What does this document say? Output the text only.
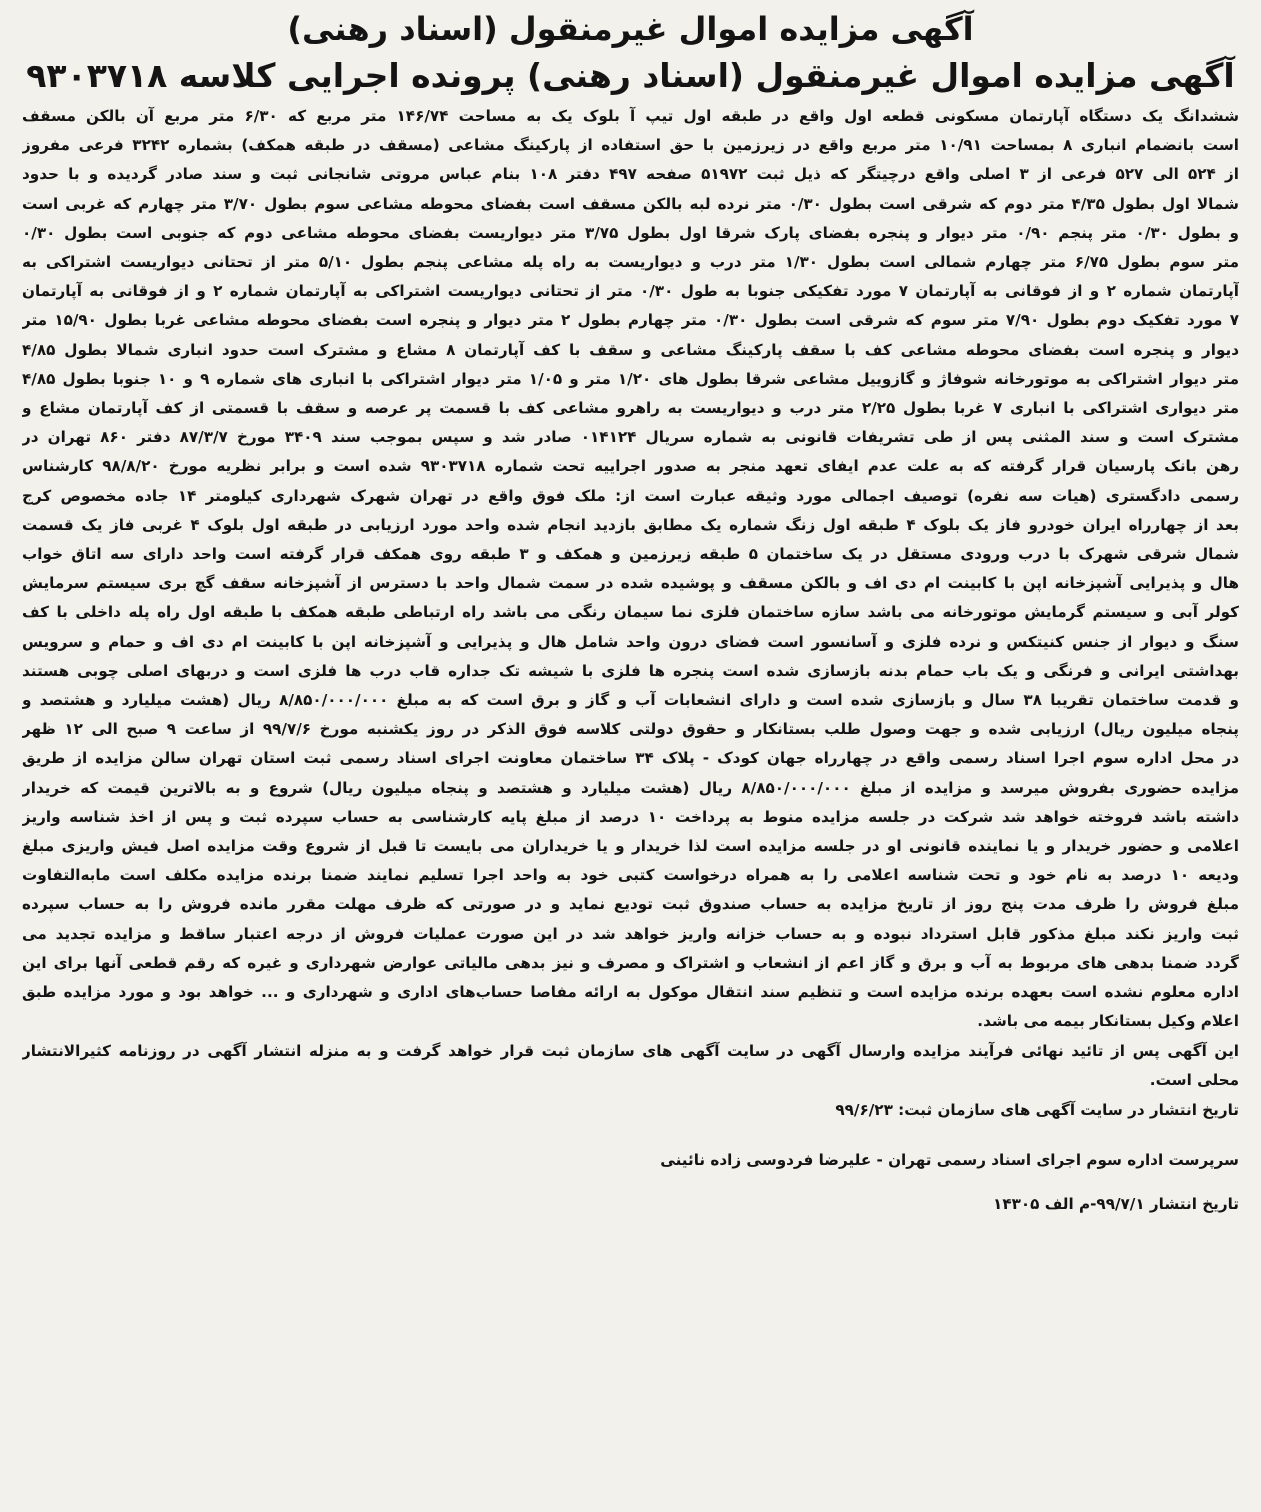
آگهی مزایده اموال غیرمنقول (اسناد رهنی)
آگهی مزایده اموال غیرمنقول (اسناد رهنی) پرونده اجرایی کلاسه ۹۳۰۳۷۱۸
ششدانگ یک دستگاه آپارتمان مسکونی قطعه اول واقع در طبقه اول تیپ آ بلوک یک به مساحت ۱۴۶/۷۴ متر مربع که ۶/۳۰ متر مربع آن بالکن مسقف
است بانضمام انباری ۸ بمساحت ۱۰/۹۱ متر مربع واقع در زیرزمین با حق استفاده از پارکینگ مشاعی (مسقف در طبقه همکف) بشماره ۳۲۴۲ فرعی مفروز
از ۵۲۴ الی ۵۲۷ فرعی از ۳ اصلی واقع درچیتگر که ذیل ثبت ۵۱۹۷۲ صفحه ۴۹۷ دفتر ۱۰۸ بنام عباس مروتی شانجانی ثبت و سند صادر گردیده و با حدود
شمالا اول بطول ۴/۳۵ متر دوم که شرقی است بطول ۰/۳۰ متر نرده لبه بالکن مسقف است بفضای محوطه مشاعی سوم بطول ۳/۷۰ متر چهارم که غربی است
و بطول ۰/۳۰ متر پنجم ۰/۹۰ متر دیوار و پنجره بفضای پارک شرقا اول بطول ۳/۷۵ متر دیواریست بفضای محوطه مشاعی دوم که جنوبی است بطول ۰/۳۰
متر سوم بطول ۶/۷۵ متر چهارم شمالی است بطول ۱/۳۰ متر درب و دیواریست به راه پله مشاعی پنجم بطول ۵/۱۰ متر از تحتانی دیواریست اشتراکی به
آپارتمان شماره ۲ و از فوقانی به آپارتمان ۷ مورد تفکیکی جنوبا به طول ۰/۳۰ متر از تحتانی دیواریست اشتراکی به آپارتمان شماره ۲ و از فوقانی به آپارتمان
۷ مورد تفکیک دوم بطول ۷/۹۰ متر سوم که شرقی است بطول ۰/۳۰ متر چهارم بطول ۲ متر دیوار و پنجره است بفضای محوطه مشاعی غربا بطول ۱۵/۹۰ متر
دیوار و پنجره است بفضای محوطه مشاعی کف با سقف پارکینگ مشاعی و سقف با کف آپارتمان ۸ مشاع و مشترک است حدود انباری شمالا بطول ۴/۸۵
متر دیوار اشتراکی به موتورخانه شوفاژ و گازوییل مشاعی شرقا بطول های ۱/۲۰ متر و ۱/۰۵ متر دیوار اشتراکی با انباری های شماره ۹ و ۱۰ جنوبا بطول ۴/۸۵
متر دیواری اشتراکی با انباری ۷ غربا بطول ۲/۲۵ متر درب و دیواریست به راهرو مشاعی کف با قسمت پر عرصه و سقف با قسمتی از کف آپارتمان مشاع و
مشترک است و سند المثنی پس از طی تشریفات قانونی به شماره سریال ۰۱۴۱۲۴ صادر شد و سپس بموجب سند ۳۴۰۹ مورخ ۸۷/۳/۷ دفتر ۸۶۰ تهران در
رهن بانک پارسیان قرار گرفته که به علت عدم ایفای تعهد منجر به صدور اجراییه تحت شماره ۹۳۰۳۷۱۸ شده است و برابر نظریه مورخ ۹۸/۸/۲۰ کارشناس
رسمی دادگستری (هیات سه نفره) توصیف اجمالی مورد وثیقه عبارت است از: ملک فوق واقع در تهران شهرک شهرداری کیلومتر ۱۴ جاده مخصوص کرج
بعد از چهارراه ایران خودرو فاز یک بلوک ۴ طبقه اول زنگ شماره یک مطابق بازدید انجام شده واحد مورد ارزیابی در طبقه اول بلوک ۴ غربی فاز یک قسمت
شمال شرقی شهرک با درب ورودی مستقل در یک ساختمان ۵ طبقه زیرزمین و همکف و ۳ طبقه روی همکف قرار گرفته است واحد دارای سه اتاق خواب
هال و پذیرایی آشپزخانه اپن با کابینت ام دی اف و بالکن مسقف و پوشیده شده در سمت شمال واحد با دسترس از آشپزخانه سقف گچ بری سیستم سرمایش
کولر آبی و سیستم گرمایش موتورخانه می باشد سازه ساختمان فلزی نما سیمان رنگی می باشد راه ارتباطی طبقه همکف با طبقه اول راه پله داخلی با کف
سنگ و دیوار از جنس کنیتکس و نرده فلزی و آسانسور است فضای درون واحد شامل هال و پذیرایی و آشپزخانه اپن با کابینت ام دی اف و حمام و سرویس
بهداشتی ایرانی و فرنگی و یک باب حمام بدنه بازسازی شده است پنجره ها فلزی با شیشه تک جداره قاب درب ها فلزی است و دربهای اصلی چوبی هستند
و قدمت ساختمان تقریبا ۳۸ سال و بازسازی شده است و دارای انشعابات آب و گاز و برق است که به مبلغ ۸/۸۵۰/۰۰۰/۰۰۰ ریال (هشت میلیارد و هشتصد و
پنجاه میلیون ریال) ارزیابی شده و جهت وصول طلب بستانکار و حقوق دولتی کلاسه فوق الذکر در روز یکشنبه مورخ ۹۹/۷/۶ از ساعت ۹ صبح الی ۱۲ ظهر
در محل اداره سوم اجرا اسناد رسمی واقع در چهارراه جهان کودک - پلاک ۳۴ ساختمان معاونت اجرای اسناد رسمی ثبت استان تهران سالن مزایده از طریق
مزایده حضوری بفروش میرسد و مزایده از مبلغ ۸/۸۵۰/۰۰۰/۰۰۰ ریال (هشت میلیارد و هشتصد و پنجاه میلیون ریال) شروع و به بالاترین قیمت که خریدار
داشته باشد فروخته خواهد شد شرکت در جلسه مزایده منوط به پرداخت ۱۰ درصد از مبلغ پایه کارشناسی به حساب سپرده ثبت و پس از اخذ شناسه واریز
اعلامی و حضور خریدار و یا نماینده قانونی او در جلسه مزایده است لذا خریدار و یا خریداران می بایست تا قبل از شروع وقت مزایده اصل فیش واریزی مبلغ
ودیعه ۱۰ درصد به نام خود و تحت شناسه اعلامی را به همراه درخواست کتبی خود به واحد اجرا تسلیم نمایند ضمنا برنده مزایده مکلف است مابه‌التفاوت
مبلغ فروش را ظرف مدت پنج روز از تاریخ مزایده به حساب صندوق ثبت تودیع نماید و در صورتی که ظرف مهلت مقرر مانده فروش را به حساب سپرده
ثبت واریز نکند مبلغ مذکور قابل استرداد نبوده و به حساب خزانه واریز خواهد شد در این صورت عملیات فروش از درجه اعتبار ساقط و مزایده تجدید می
گردد ضمنا بدهی های مربوط به آب و برق و گاز اعم از انشعاب و اشتراک و مصرف و نیز بدهی مالیاتی عوارض شهرداری و غیره که رقم قطعی آنها برای این
اداره معلوم نشده است بعهده برنده مزایده است و تنظیم سند انتقال موکول به ارائه مفاصا حساب‌های اداری و شهرداری و ... خواهد بود و مورد مزایده طبق
اعلام وکیل بستانکار بیمه می باشد.
این آگهی پس از تائید نهائی فرآیند مزایده وارسال آگهی در سایت آگهی های سازمان ثبت قرار خواهد گرفت و به منزله انتشار آگهی در روزنامه کثیرالانتشار
محلی است.

تاریخ انتشار در سایت آگهی های سازمان ثبت: ۹۹/۶/۲۳

سرپرست اداره سوم اجرای اسناد رسمی تهران - علیرضا فردوسی زاده نائینی

تاریخ انتشار ۹۹/۷/۱-م الف ۱۴۳۰۵
